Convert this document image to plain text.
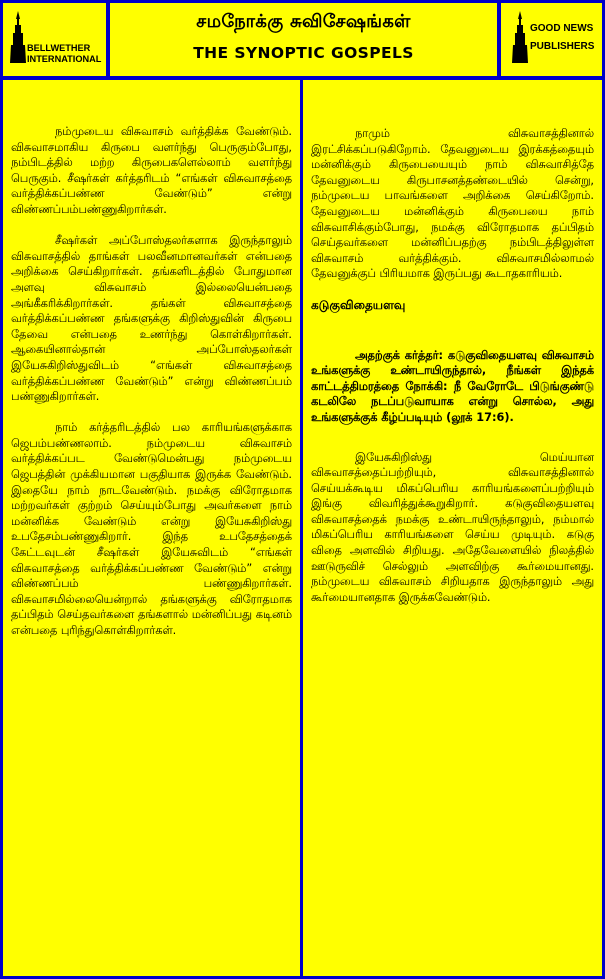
BELLWETHER
INTERNATIONAL
சமநோக்கு சுவிசேஷங்கள்
THE SYNOPTIC GOSPELS
GOOD NEWS
PUBLISHERS

நம்முடைய விசுவாசம் வர்த்திக்க வேண்டும். விசுவாசமாகிய கிருபை வளர்ந்து பெருகும்போது, நம்பிடத்தில் மற்ற கிருபைகளெல்லாம் வளர்ந்து பெருகும். சீஷர்கள் கர்த்தரிடம் “எங்கள் விசுவாசத்தை வர்த்திக்கப்பண்ண வேண்டும்” என்று விண்ணப்பம்பண்ணுகிறார்கள்.

சீஷர்கள் அப்போஸ்தலர்களாக இருந்தாலும் விசுவாசத்தில் தாங்கள் பலவீனமானவர்கள் என்பதை அறிக்கை செய்கிறார்கள். தங்களிடத்தில் போதுமான அளவு விசுவாசம் இல்லையென்பதை அங்கீகரிக்கிறார்கள். தங்கள் விசுவாசத்தை வர்த்திக்கப்பண்ண தங்களுக்கு கிறிஸ்துவின் கிருபை தேவை என்பதை உணர்ந்து கொள்கிறார்கள். ஆகையினால்தான் அப்போஸ்தலர்கள் இயேசுகிறிஸ்துவிடம் “எங்கள் விசுவாசத்தை வர்த்திக்கப்பண்ண வேண்டும்” என்று விண்ணப்பம் பண்ணுகிறார்கள்.

நாம் கர்த்தரிடத்தில் பல காரியங்களுக்காக ஜெபம்பண்ணலாம். நம்முடைய விசுவாசம் வர்த்திக்கப்பட வேண்டுமென்பது நம்முடைய ஜெபத்தின் முக்கியமான பகுதியாக இருக்க வேண்டும். இதையே நாம் நாடவேண்டும். நமக்கு விரோதமாக மற்றவர்கள் குற்றம் செய்யும்போது அவர்களை நாம் மன்னிக்க வேண்டும் என்று இயேசுகிறிஸ்து உபதேசம்பண்ணுகிறார். இந்த உபதேசத்தைக் கேட்டவுடன் சீஷர்கள் இயேசுவிடம் “எங்கள் விசுவாசத்தை வர்த்திக்கப்பண்ண வேண்டும்” என்று விண்ணப்பம் பண்ணுகிறார்கள். விசுவாசமில்லையென்றால் தங்களுக்கு விரோதமாக தப்பிதம் செய்தவர்களை தங்களால் மன்னிப்பது கடினம் என்பதை புரிந்துகொள்கிறார்கள்.

நாமும் விசுவாசத்தினால் இரட்சிக்கப்படுகிறோம். தேவனுடைய இரக்கத்தையும் மன்னிக்கும் கிருபையையும் நாம் விசுவாசித்தே தேவனுடைய கிருபாசனத்தண்டையில் சென்று, நம்முடைய பாவங்களை அறிக்கை செய்கிறோம். தேவனுடைய மன்னிக்கும் கிருபையை நாம் விசுவாசிக்கும்போது, நமக்கு விரோதமாக தப்பிதம் செய்தவர்களை மன்னிப்பதற்கு நம்பிடத்திலுள்ள விசுவாசம் வர்த்திக்கும். விசுவாசமில்லாமல் தேவனுக்குப் பிரியமாக இருப்பது கூடாதகாரியம்.

கடுகுவிதையளவு

அதற்குக் கர்த்தர்: கடுகுவிதையளவு விசுவாசம் உங்களுக்கு உண்டாயிருந்தால், நீங்கள் இந்தக் காட்டத்திமரத்தை நோக்கி: நீ வேரோடே பிடுங்குண்டு கடலிலே நடப்படுவாயாக என்று சொல்ல, அது உங்களுக்குக் கீழ்ப்படியும் (லூக் 17:6).

இயேசுகிறிஸ்து மெய்யான விசுவாசத்தைப்பற்றியும், விசுவாசத்தினால் செய்யக்கூடிய மிகப்பெரிய காரியங்களைப்பற்றியும் இங்கு விவரித்துக்கூறுகிறார். கடுகுவிதையளவு விசுவாசத்தைக் நமக்கு உண்டாயிருந்தாலும், நம்மால் மிகப்பெரிய காரியங்களை செய்ய முடியும். கடுகு விதை அளவில் சிறியது. அதேவேளையில் நிலத்தில் ஊடுருவிச் செல்லும் அளவிற்கு கூர்மையானது. நம்முடைய விசுவாசம் சிறியதாக இருந்தாலும் அது கூர்மையானதாக இருக்கவேண்டும்.
